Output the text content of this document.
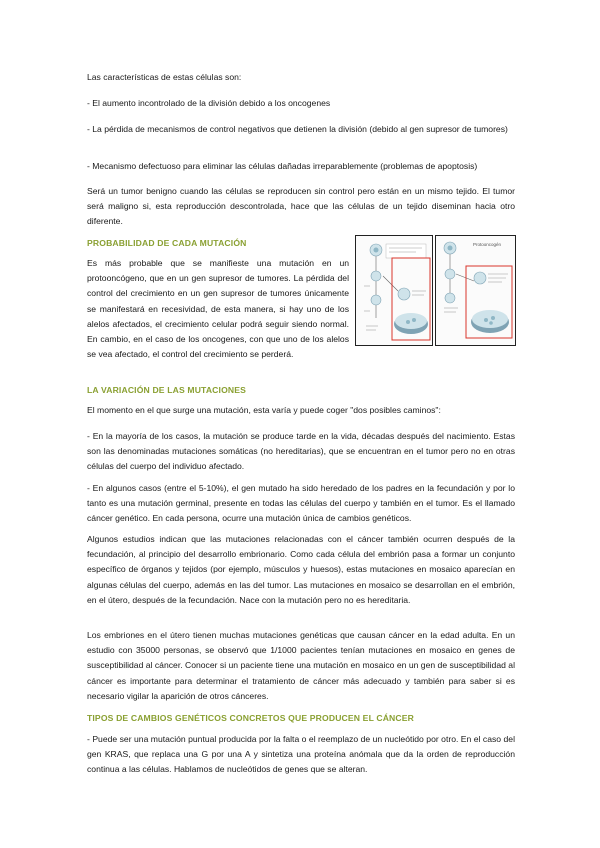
Las características de estas células son:

- El aumento incontrolado de la división debido a los oncogenes

- La pérdida de mecanismos de control negativos que detienen la división (debido al gen supresor de tumores)

- Mecanismo defectuoso para eliminar las células dañadas irreparablemente (problemas de apoptosis)

Será un tumor benigno cuando las células se reproducen sin control pero están en un mismo tejido. El tumor será maligno si, esta reproducción descontrolada, hace que las células de un tejido diseminan hacia otro diferente.

PROBABILIDAD DE CADA MUTACIÓN

Es más probable que se manifieste una mutación en un protooncógeno, que en un gen supresor de tumores. La pérdida del control del crecimiento en un gen supresor de tumores únicamente se manifestará en recesividad, de esta manera, si hay uno de los alelos afectados, el crecimiento celular podrá seguir siendo normal. En cambio, en el caso de los oncogenes, con que uno de los alelos se vea afectado, el control del crecimiento se perderá.

Protooncogén
LA VARIACIÓN DE LAS MUTACIONES

El momento en el que surge una mutación, esta varía y puede coger "dos posibles caminos":

- En la mayoría de los casos, la mutación se produce tarde en la vida, décadas después del nacimiento. Estas son las denominadas mutaciones somáticas (no hereditarias), que se encuentran en el tumor pero no en otras células del cuerpo del individuo afectado.

- En algunos casos (entre el 5-10%), el gen mutado ha sido heredado de los padres en la fecundación y por lo tanto es una mutación germinal, presente en todas las células del cuerpo y también en el tumor. Es el llamado cáncer genético. En cada persona, ocurre una mutación única de cambios genéticos.

Algunos estudios indican que las mutaciones relacionadas con el cáncer también ocurren después de la fecundación, al principio del desarrollo embrionario. Como cada célula del embrión pasa a formar un conjunto específico de órganos y tejidos (por ejemplo, músculos y huesos), estas mutaciones en mosaico aparecían en algunas células del cuerpo, además en las del tumor. Las mutaciones en mosaico se desarrollan en el embrión, en el útero, después de la fecundación. Nace con la mutación pero no es hereditaria.

Los embriones en el útero tienen muchas mutaciones genéticas que causan cáncer en la edad adulta. En un estudio con 35000 personas, se observó que 1/1000 pacientes tenían mutaciones en mosaico en genes de susceptibilidad al cáncer. Conocer si un paciente tiene una mutación en mosaico en un gen de susceptibilidad al cáncer es importante para determinar el tratamiento de cáncer más adecuado y también para saber si es necesario vigilar la aparición de otros cánceres.

TIPOS DE CAMBIOS GENÉTICOS CONCRETOS QUE PRODUCEN EL CÁNCER

- Puede ser una mutación puntual producida por la falta o el reemplazo de un nucleótido por otro. En el caso del gen KRAS, que replaca una G por una A y sintetiza una proteína anómala que da la orden de reproducción continua a las células. Hablamos de nucleótidos de genes que se alteran.
